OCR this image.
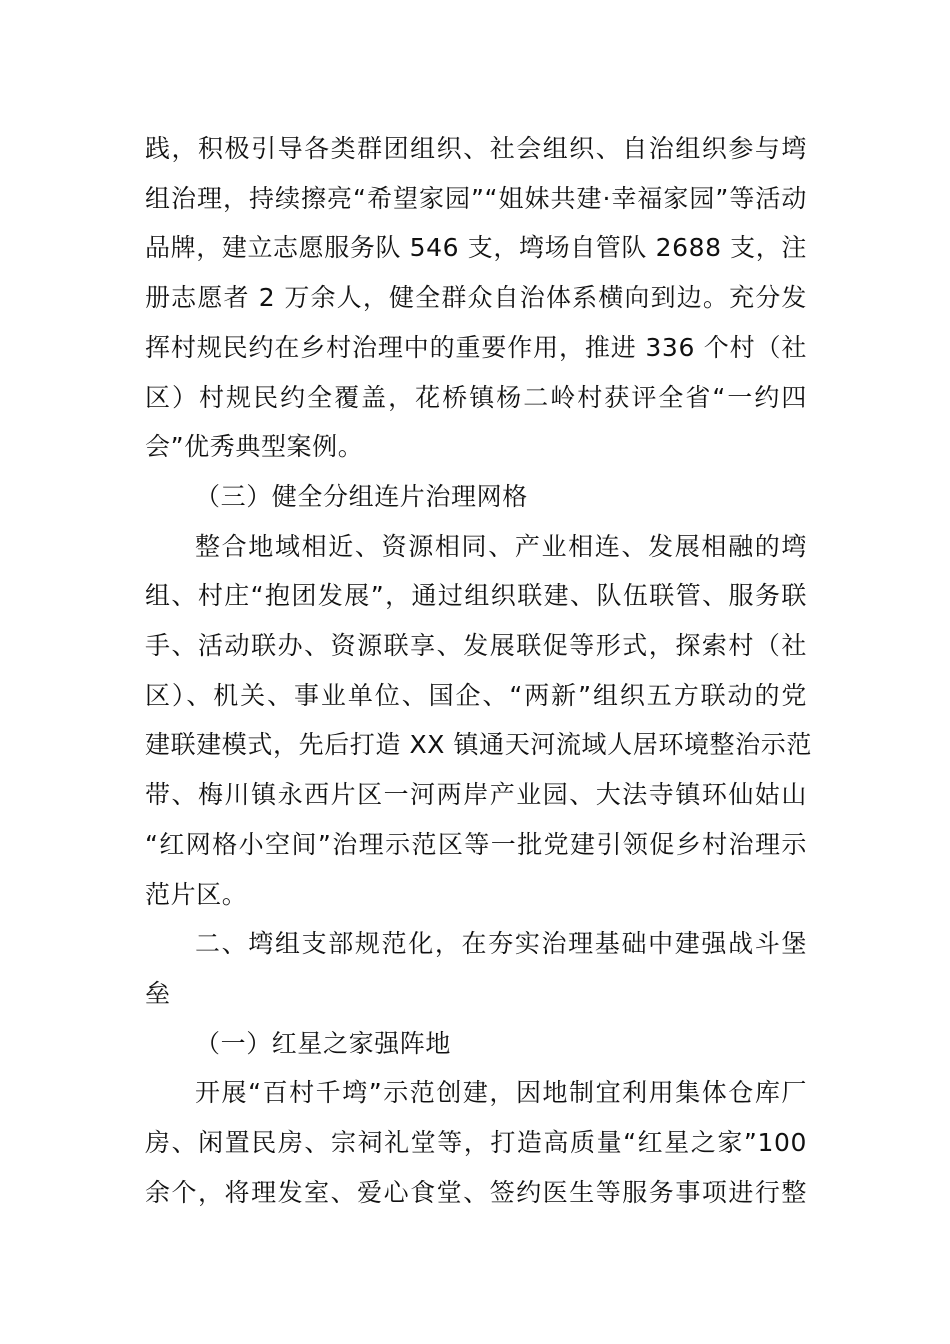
践，积极引导各类群团组织、社会组织、自治组织参与塆
组治理，持续擦亮“希望家园”“姐妹共建·幸福家园”等活动
品牌，建立志愿服务队 546 支，塆场自管队 2688 支，注
册志愿者 2 万余人，健全群众自治体系横向到边。充分发
挥村规民约在乡村治理中的重要作用，推进 336 个村（社
区）村规民约全覆盖，花桥镇杨二岭村获评全省“一约四
会”优秀典型案例。

（三）健全分组连片治理网格

整合地域相近、资源相同、产业相连、发展相融的塆
组、村庄“抱团发展”，通过组织联建、队伍联管、服务联
手、活动联办、资源联享、发展联促等形式，探索村（社
区）、机关、事业单位、国企、“两新”组织五方联动的党
建联建模式，先后打造 XX 镇通天河流域人居环境整治示范
带、梅川镇永西片区一河两岸产业园、大法寺镇环仙姑山
“红网格小空间”治理示范区等一批党建引领促乡村治理示
范片区。

二、塆组支部规范化，在夯实治理基础中建强战斗堡
垒

（一）红星之家强阵地

开展“百村千塆”示范创建，因地制宜利用集体仓库厂
房、闲置民房、宗祠礼堂等，打造高质量“红星之家”100
余个，将理发室、爱心食堂、签约医生等服务事项进行整
